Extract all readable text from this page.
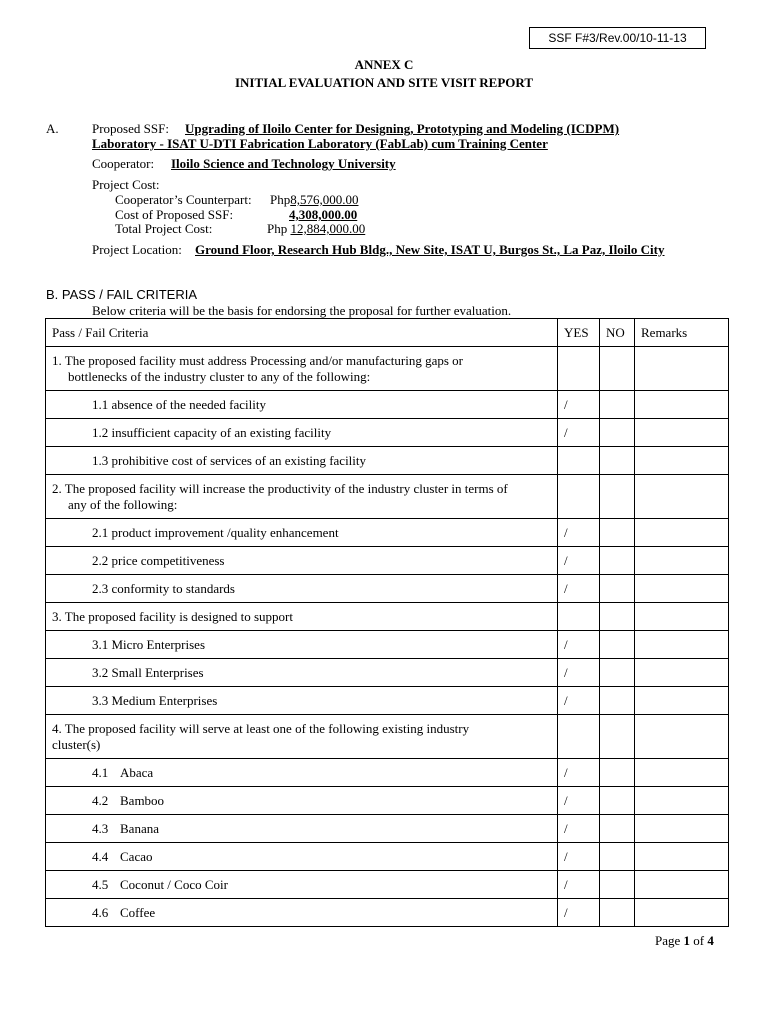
SSF F#3/Rev.00/10-11-13
ANNEX C
INITIAL EVALUATION AND SITE VISIT REPORT
A.	Proposed SSF: Upgrading of Iloilo Center for Designing, Prototyping and Modeling (ICDPM)
Laboratory - ISAT U-DTI Fabrication Laboratory (FabLab) cum Training Center
Cooperator: Iloilo Science and Technology University
Project Cost:
Cooperator’s Counterpart: Php8,576,000.00
Cost of Proposed SSF:	4,308,000.00
Total Project Cost:	Php 12,884,000.00
Project Location: Ground Floor, Research Hub Bldg., New Site, ISAT U, Burgos St., La Paz, Iloilo City
B. PASS / FAIL CRITERIA
Below criteria will be the basis for endorsing the proposal for further evaluation.
Pass / Fail Criteria	YES	NO	Remarks

1. The proposed facility must address Processing and/or manufacturing gaps or
bottlenecks of the industry cluster to any of the following:			

1.1 absence of the needed facility	/		
1.2 insufficient capacity of an existing facility	/		
1.3 prohibitive cost of services of an existing facility			

2. The proposed facility will increase the productivity of the industry cluster in terms of
any of the following:			

2.1 product improvement /quality enhancement	/		
2.2 price competitiveness	/		
2.3 conformity to standards	/		
3. The proposed facility is designed to support			
3.1 Micro Enterprises	/		
3.2 Small Enterprises	/		
3.3 Medium Enterprises	/		

4. The proposed facility will serve at least one of the following existing industry
cluster(s)			

4.1 Abaca	/		
4.2 Bamboo	/		
4.3 Banana	/		
4.4 Cacao	/		
4.5 Coconut / Coco Coir	/		
4.6 Coffee	/		
Page 1 of 4
